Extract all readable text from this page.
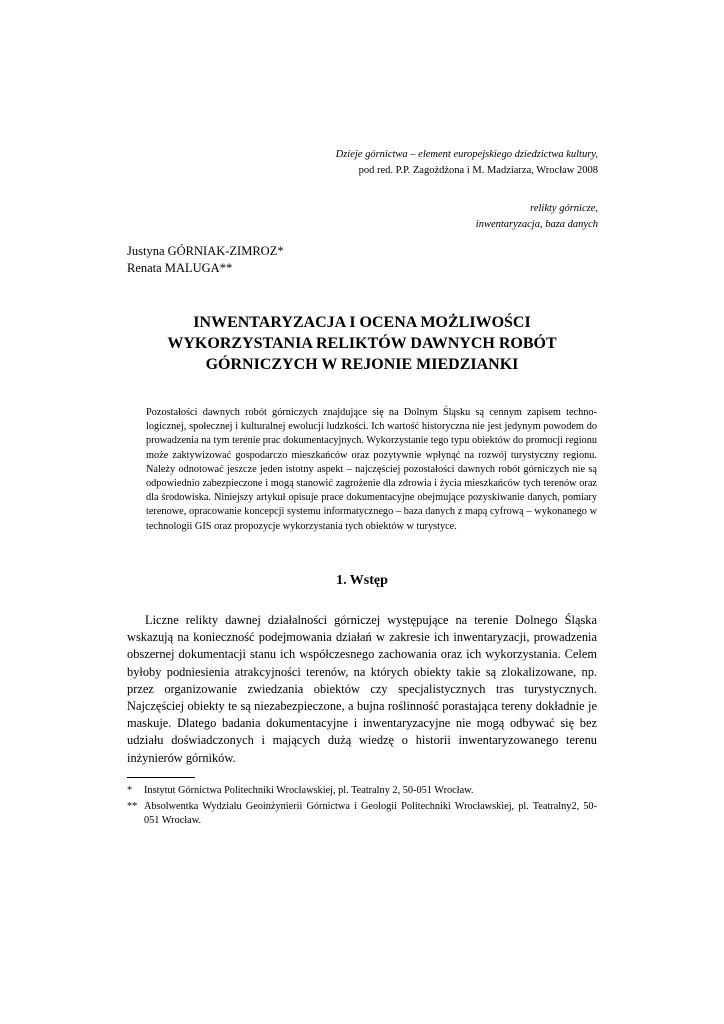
Dzieje górnictwa – element europejskiego dziedzictwa kultury,
pod red. P.P. Zagożdżona i M. Madziarza, Wrocław 2008
relikty górnicze,
inwentaryzacja, baza danych
Justyna GÓRNIAK-ZIMROZ*
Renata MALUGA**
INWENTARYZACJA I OCENA MOŻLIWOŚCI
WYKORZYSTANIA RELIKTÓW DAWNYCH ROBÓT
GÓRNICZYCH W REJONIE MIEDZIANKI

Pozostałości dawnych robót górniczych znajdujące się na Dolnym Śląsku są cennym zapisem technologicznej, społecznej i kulturalnej ewolucji ludzkości. Ich wartość historyczna nie jest jedynym powodem do prowadzenia na tym terenie prac dokumentacyjnych. Wykorzystanie tego typu obiektów do promocji regionu może zaktywizować gospodarczo mieszkańców oraz pozytywnie wpłynąć na rozwój turystyczny regionu. Należy odnotować jeszcze jeden istotny aspekt – najczęściej pozostałości dawnych robót górniczych nie są odpowiednio zabezpieczone i mogą stanowić zagrożenie dla zdrowia i życia mieszkańców tych terenów oraz dla środowiska. Niniejszy artykuł opisuje prace dokumentacyjne obejmujące pozyskiwanie danych, pomiary terenowe, opracowanie koncepcji systemu informatycznego – baza danych z mapą cyfrową – wykonanego w technologii GIS oraz propozycje wykorzystania tych obiektów w turystyce.

1. Wstęp

Liczne relikty dawnej działalności górniczej występujące na terenie Dolnego Śląska wskazują na konieczność podejmowania działań w zakresie ich inwentaryzacji, prowadzenia obszernej dokumentacji stanu ich współczesnego zachowania oraz ich wykorzystania. Celem byłoby podniesienia atrakcyjności terenów, na których obiekty takie są zlokalizowane, np. przez organizowanie zwiedzania obiektów czy specjalistycznych tras turystycznych. Najczęściej obiekty te są niezabezpieczone, a bujna roślinność porastająca tereny dokładnie je maskuje. Dlatego badania dokumentacyjne i inwentaryzacyjne nie mogą odbywać się bez udziału doświadczonych i mających dużą wiedzę o historii inwentaryzowanego terenu inżynierów górników.

*	Instytut Górnictwa Politechniki Wrocławskiej, pl. Teatralny 2, 50-051 Wrocław.
** Absolwentka Wydziału Geoinżynierii Górnictwa i Geologii Politechniki Wrocławskiej, pl. Teatralny2, 50-051 Wrocław.
